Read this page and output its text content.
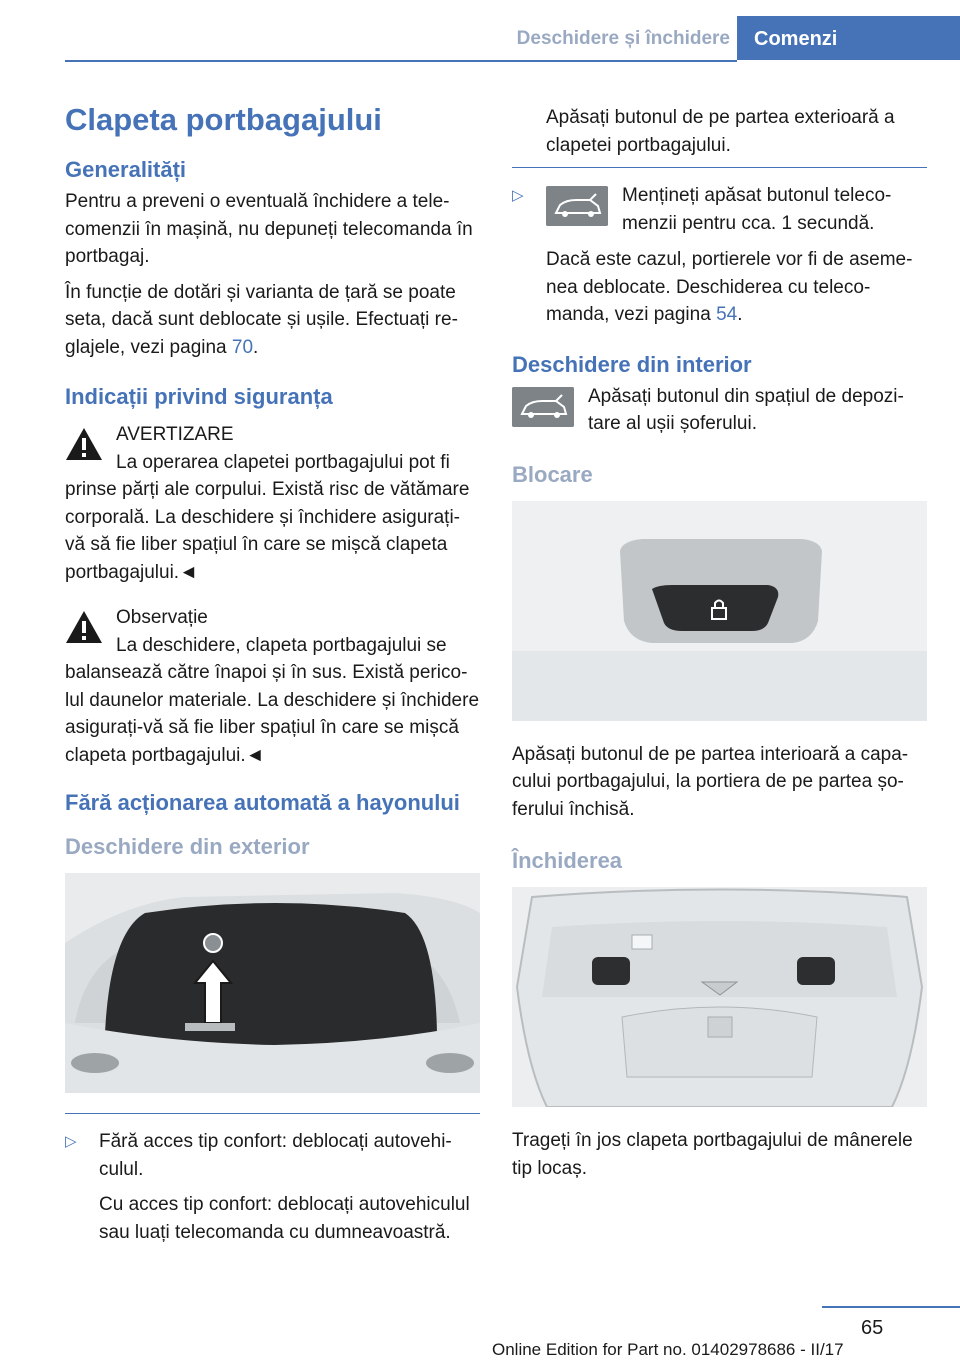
Deschidere și închidere	Comenzi
Clapeta portbagajului
Generalități
Pentru a preveni o eventuală închidere a telecomenzii în mașină, nu depuneți telecomanda în portbagaj.
În funcție de dotări și varianta de țară se poate seta, dacă sunt deblocate și ușile. Efectuați reglajele, vezi pagina 70.
Indicații privind siguranța
AVERTIZARE
La operarea clapetei portbagajului pot fi
prinse părți ale corpului. Există risc de vătămare corporală. La deschidere și închidere asigurați-vă să fie liber spațiul în care se mișcă clapeta portbagajului.◄
Observație
La deschidere, clapeta portbagajului se
balansează către înapoi și în sus. Există pericolul daunelor materiale. La deschidere și închidere asigurați-vă să fie liber spațiul în care se mișcă clapeta portbagajului.◄
Fără acționarea automată a hayonului
Deschidere din exterior
▷ Fără acces tip confort: deblocați autovehiculul.
Cu acces tip confort: deblocați autovehiculul sau luați telecomanda cu dumneavoastră.
Apăsați butonul de pe partea exterioară a clapetei portbagajului.
▷	Mențineți apăsat butonul telecomenzii pentru cca. 1 secundă.
Dacă este cazul, portierele vor fi de asemenea deblocate. Deschiderea cu telecomanda, vezi pagina 54.
Deschidere din interior
Apăsați butonul din spațiul de depozitare al ușii șoferului.
Blocare
Apăsați butonul de pe partea interioară a capacului portbagajului, la portiera de pe partea șoferului închisă.
Închiderea
Trageți în jos clapeta portbagajului de mânerele tip locaș.
65
Online Edition for Part no. 01402978686 - II/17
